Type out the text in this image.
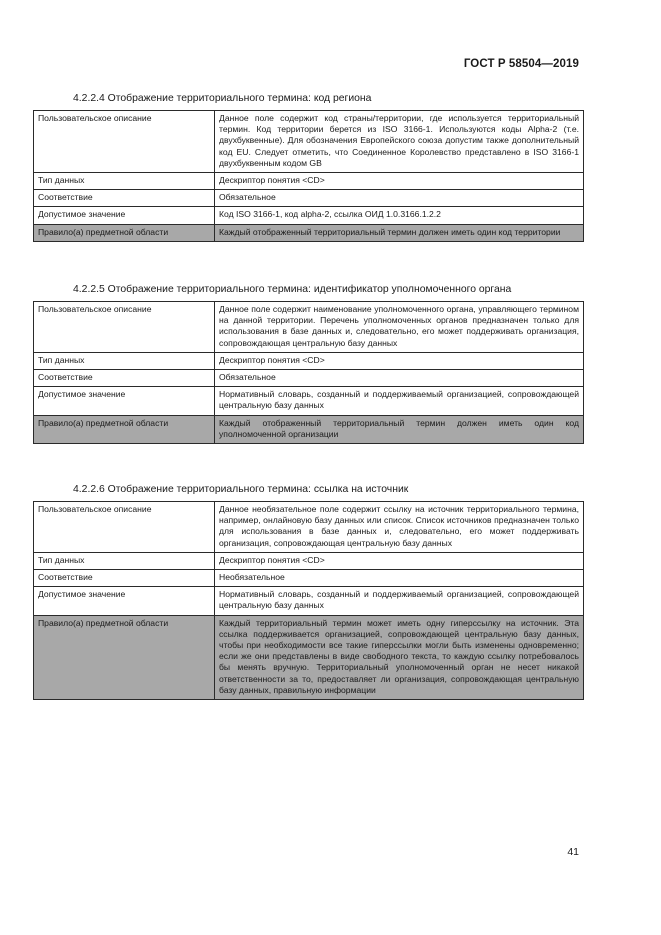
ГОСТ Р 58504—2019
4.2.2.4 Отображение территориального термина: код региона
Пользовательское описание	Данное поле содержит код страны/территории, где используется территориальный термин. Код территории берется из ISO 3166-1. Используются коды Alpha-2 (т.е. двухбуквенные). Для обозначения Европейского союза допустим также дополнительный код EU. Следует отметить, что Соединенное Королевство представлено в ISO 3166-1 двухбуквенным кодом GB
Тип данных	Дескриптор понятия <CD>
Соответствие	Обязательное
Допустимое значение	Код ISO 3166-1, код alpha-2, ссылка ОИД 1.0.3166.1.2.2
Правило(а) предметной области	Каждый отображенный территориальный термин должен иметь один код территории
4.2.2.5 Отображение территориального термина: идентификатор уполномоченного органа
Пользовательское описание	Данное поле содержит наименование уполномоченного органа, управляющего термином на данной территории. Перечень уполномоченных органов предназначен только для использования в базе данных и, следовательно, его может поддерживать организация, сопровождающая центральную базу данных
Тип данных	Дескриптор понятия <CD>
Соответствие	Обязательное
Допустимое значение	Нормативный словарь, созданный и поддерживаемый организацией, сопровождающей центральную базу данных
Правило(а) предметной области	Каждый отображенный территориальный термин должен иметь один код уполномоченной организации
4.2.2.6 Отображение территориального термина: ссылка на источник
Пользовательское описание	Данное необязательное поле содержит ссылку на источник территориального термина, например, онлайновую базу данных или список. Список источников предназначен только для использования в базе данных и, следовательно, его может поддерживать организация, сопровождающая центральную базу данных
Тип данных	Дескриптор понятия <CD>
Соответствие	Необязательное
Допустимое значение	Нормативный словарь, созданный и поддерживаемый организацией, сопровождающей центральную базу данных
Правило(а) предметной области	Каждый территориальный термин может иметь одну гиперссылку на источник. Эта ссылка поддерживается организацией, сопровождающей центральную базу данных, чтобы при необходимости все такие гиперссылки могли быть изменены одновременно; если же они представлены в виде свободного текста, то каждую ссылку потребовалось бы менять вручную. Территориальный уполномоченный орган не несет никакой ответственности за то, предоставляет ли организация, сопровождающая центральную базу данных, правильную информации
41
